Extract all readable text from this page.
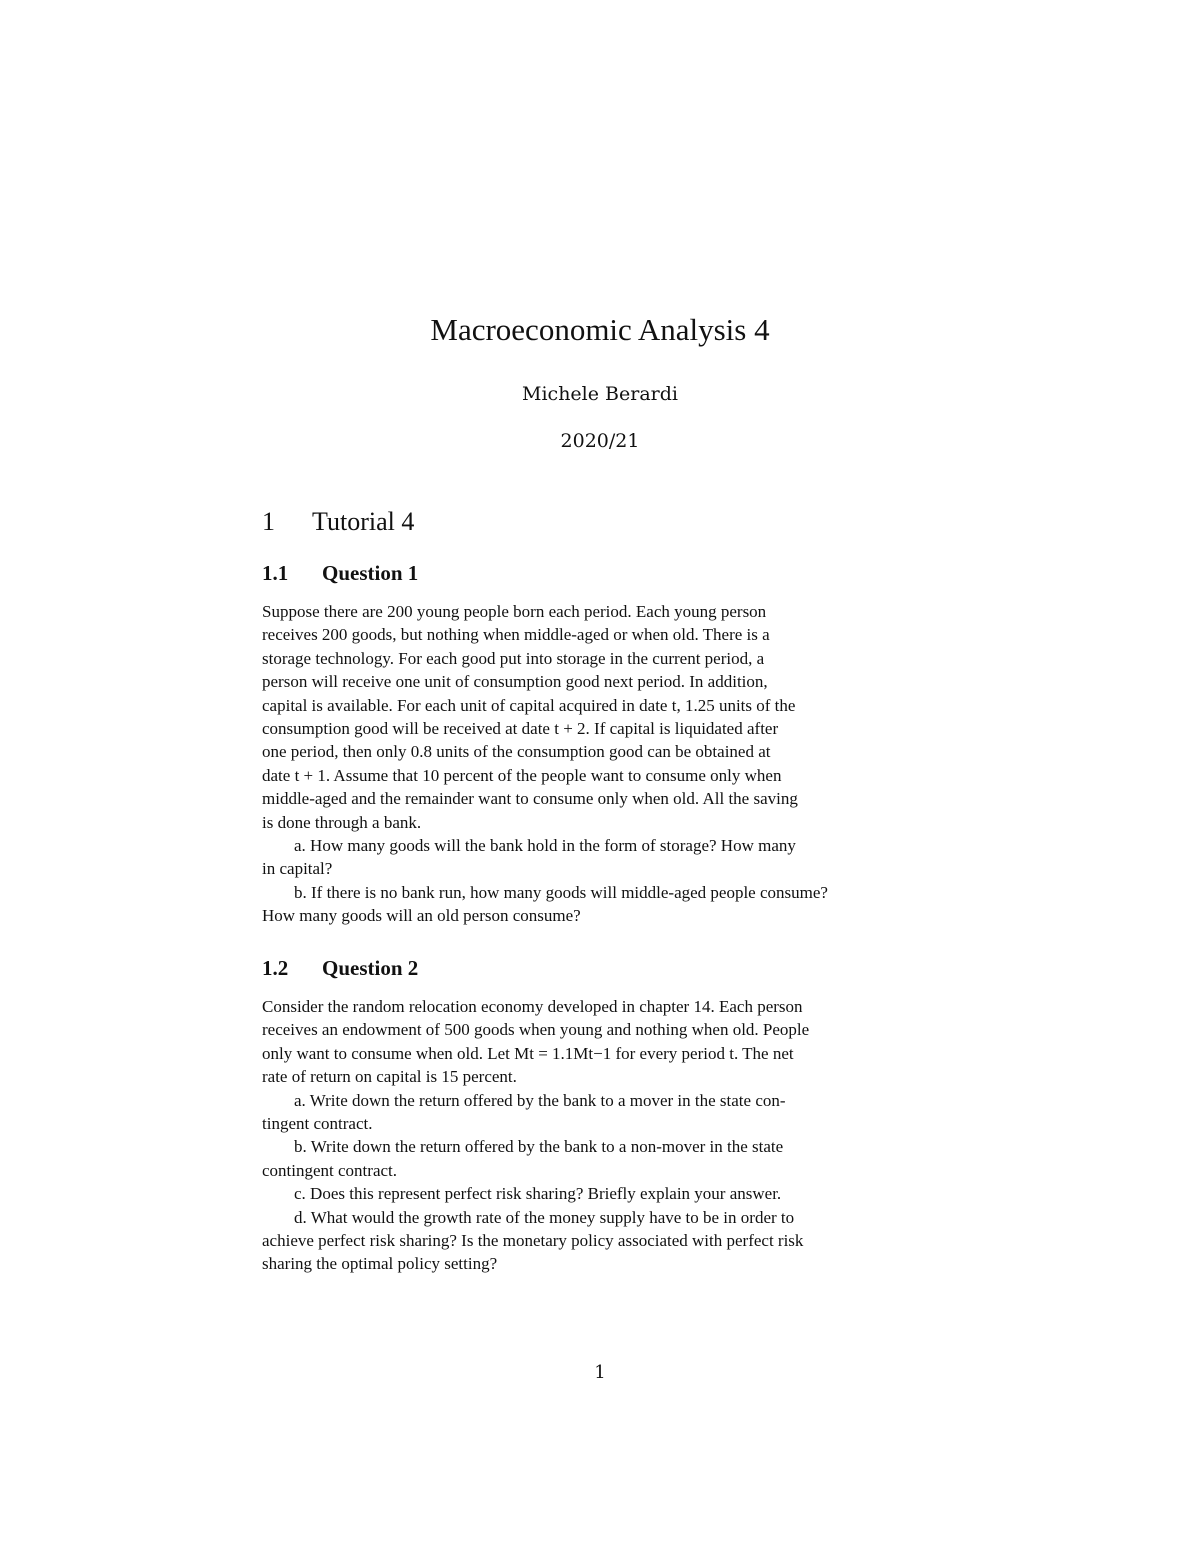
Macroeconomic Analysis 4
Michele Berardi
2020/21
1 Tutorial 4
1.1 Question 1
Suppose there are 200 young people born each period. Each young person
receives 200 goods, but nothing when middle-aged or when old. There is a
storage technology. For each good put into storage in the current period, a
person will receive one unit of consumption good next period. In addition,
capital is available. For each unit of capital acquired in date t, 1.25 units of the
consumption good will be received at date t + 2. If capital is liquidated after
one period, then only 0.8 units of the consumption good can be obtained at
date t + 1. Assume that 10 percent of the people want to consume only when
middle-aged and the remainder want to consume only when old. All the saving
is done through a bank.
a. How many goods will the bank hold in the form of storage? How many
in capital?
b. If there is no bank run, how many goods will middle-aged people consume?
How many goods will an old person consume?
1.2 Question 2
Consider the random relocation economy developed in chapter 14. Each person
receives an endowment of 500 goods when young and nothing when old. People
only want to consume when old. Let Mt = 1.1Mt−1 for every period t. The net
rate of return on capital is 15 percent.
a. Write down the return offered by the bank to a mover in the state con-
tingent contract.
b. Write down the return offered by the bank to a non-mover in the state
contingent contract.
c. Does this represent perfect risk sharing? Briefly explain your answer.
d. What would the growth rate of the money supply have to be in order to
achieve perfect risk sharing? Is the monetary policy associated with perfect risk
sharing the optimal policy setting?
1
